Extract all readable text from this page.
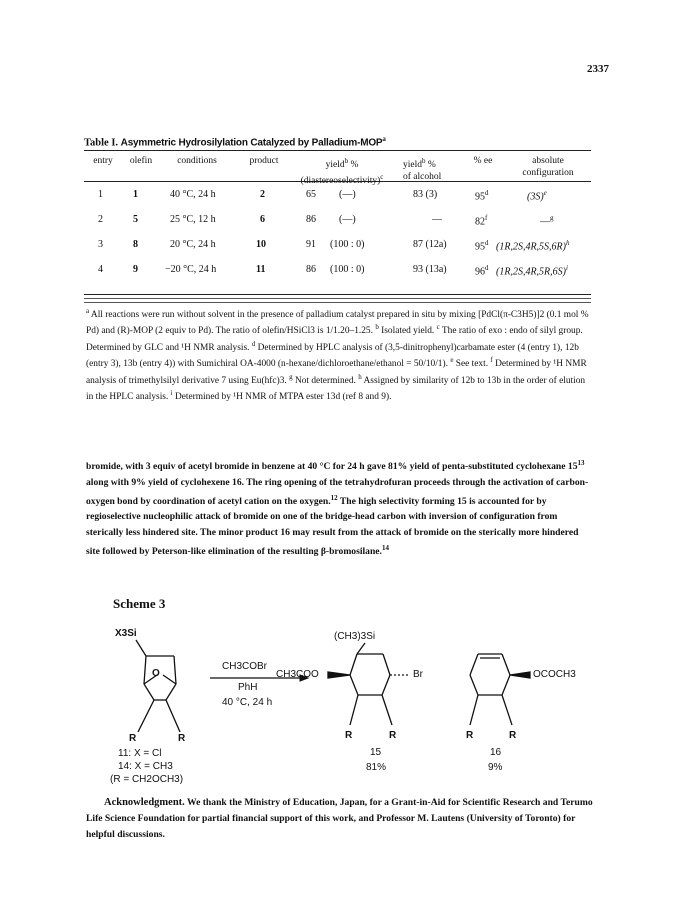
2337
Table I. Asymmetric Hydrosilylation Catalyzed by Palladium-MOP$^a$
entry	olefin	conditions	product	yield$^b$ %
(diastereoselectivity)$^c$
yield$^b$ %
of alcohol
% ee	absolute
configuration
1	1	40 °C, 24 h	2	65 (—)	83 (3)	95$^d$	$(3S)^e$
2	5	25 °C, 12 h	6	86 (—)	—	82$^f$	—$^g$
3	8	20 °C, 24 h	10	91 (100 : 0)	87 (12a)	95$^d$ $(1R,2S,4R,5S,6R)^h$
4	9	−20 °C, 24 h	11	86 (100 : 0)	93 (13a)	96$^d$ $(1R,2S,4R,5R,6S)^i$
$^a$ All reactions were run without solvent in the presence of palladium catalyst prepared in situ by mixing [PdCl(π-C3H5)]2 (0.1 mol % Pd) and (R)-MOP (2 equiv to Pd). The ratio of olefin/HSiCl3 is 1/1.20–1.25. $^b$ Isolated yield. $^c$ The ratio of exo : endo of silyl group. Determined by GLC and ¹H NMR analysis. $^d$ Determined by HPLC analysis of (3,5-dinitrophenyl)carbamate ester (4 (entry 1), 12b (entry 3), 13b (entry 4)) with Sumichiral OA-4000 (n-hexane/dichloroethane/ethanol = 50/10/1). $^e$ See text. $^f$ Determined by ¹H NMR analysis of trimethylsilyl derivative 7 using Eu(hfc)3. $^g$ Not determined. $^h$ Assigned by similarity of 12b to 13b in the order of elution in the HPLC analysis. $^i$ Determined by ¹H NMR of MTPA ester 13d (ref 8 and 9).
bromide, with 3 equiv of acetyl bromide in benzene at 40 °C for 24 h gave 81% yield of penta-substituted cyclohexane $15^{13}$ along with 9% yield of cyclohexene 16. The ring opening of the tetrahydrofuran proceeds through the activation of carbon-oxygen bond by coordination of acetyl cation on the oxygen.$^{12}$ The high selectivity forming 15 is accounted for by regioselective nucleophilic attack of bromide on one of the bridge-head carbon with inversion of configuration from sterically less hindered site. The minor product 16 may result from the attack of bromide on the sterically more hindered site followed by Peterson-like elimination of the resulting β-bromosilane.$^{14}$
Scheme 3
X3Si
O
R	R
11: X = Cl
14: X = CH3
(R = CH2OCH3)
CH3COBr
PhH
40 °C, 24 h
(CH3)3Si
CH3COO	Br
R	R
15
81%
OCOCH3
R	R
16
9%
Acknowledgment. We thank the Ministry of Education, Japan, for a Grant-in-Aid for Scientific Research and Terumo Life Science Foundation for partial financial support of this work, and Professor M. Lautens (University of Toronto) for helpful discussions.
